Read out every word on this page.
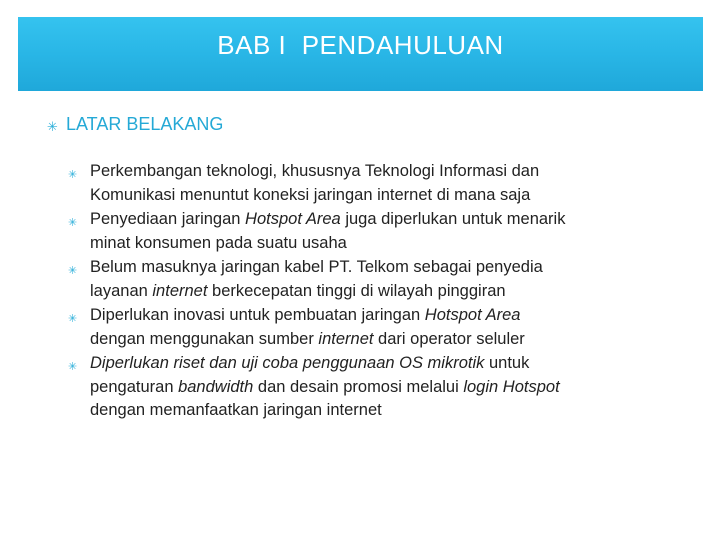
BAB I  PENDAHULUAN
✳ LATAR BELAKANG
✳ Perkembangan teknologi, khususnya Teknologi Informasi dan
Komunikasi menuntut koneksi jaringan internet di mana saja
✳ Penyediaan jaringan Hotspot Area juga diperlukan untuk menarik
minat konsumen pada suatu usaha
✳ Belum masuknya jaringan kabel PT. Telkom sebagai penyedia
layanan internet berkecepatan tinggi di wilayah pinggiran
✳ Diperlukan inovasi untuk pembuatan jaringan Hotspot Area
dengan menggunakan sumber internet dari operator seluler
✳ Diperlukan riset dan uji coba penggunaan OS mikrotik untuk
pengaturan bandwidth dan desain promosi melalui login Hotspot
dengan memanfaatkan jaringan internet
